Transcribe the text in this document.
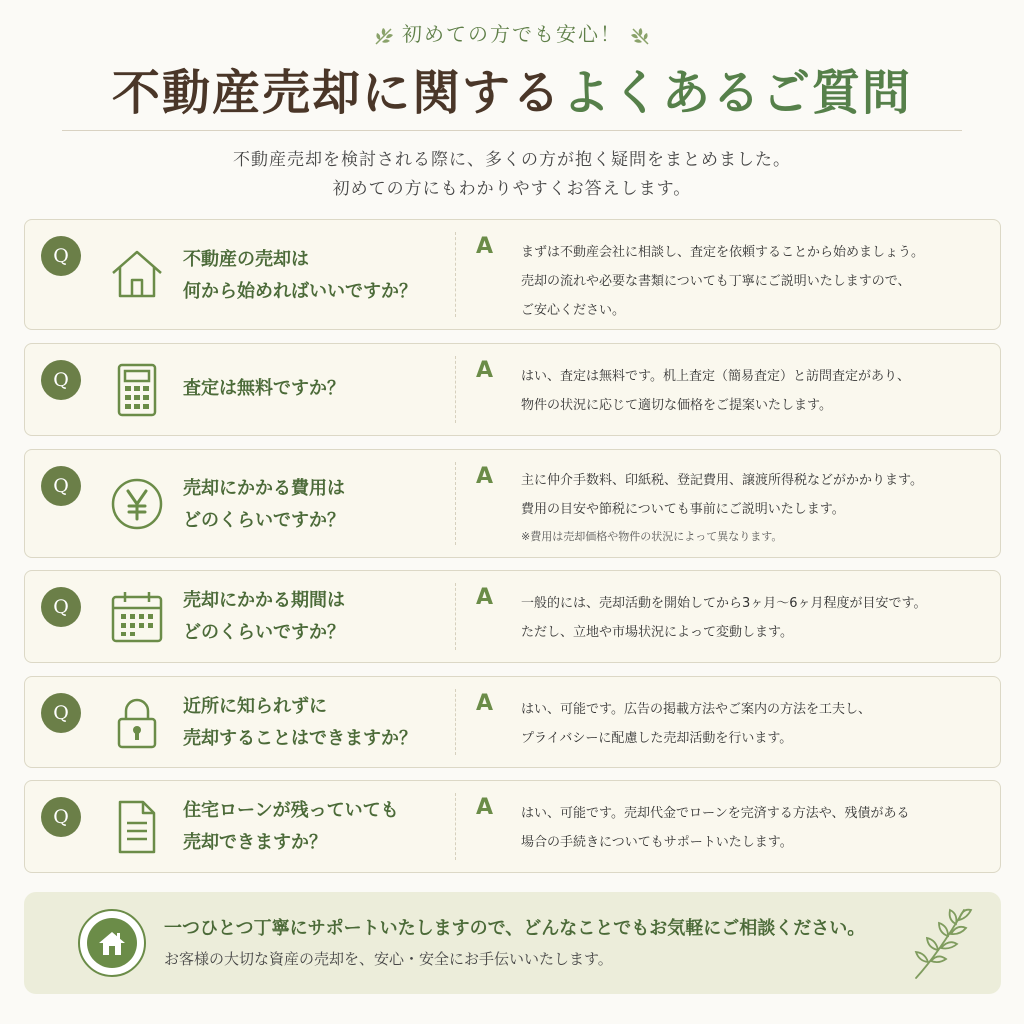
初めての方でも安心！
不動産売却に関するよくあるご質問
不動産売却を検討される際に、多くの方が抱く疑問をまとめました。
初めての方にもわかりやすくお答えします。
Q	不動産の売却は
何から始めればいいですか？
A まずは不動産会社に相談し、査定を依頼することから始めましょう。
売却の流れや必要な書類についても丁寧にご説明いたしますので、
ご安心ください。
Q	査定は無料ですか？
A はい、査定は無料です。机上査定（簡易査定）と訪問査定があり、
物件の状況に応じて適切な価格をご提案いたします。
Q	売却にかかる費用は
どのくらいですか？
A 主に仲介手数料、印紙税、登記費用、譲渡所得税などがかかります。
費用の目安や節税についても事前にご説明いたします。
※費用は売却価格や物件の状況によって異なります。
Q	売却にかかる期間は
どのくらいですか？
A 一般的には、売却活動を開始してから3ヶ月〜6ヶ月程度が目安です。
ただし、立地や市場状況によって変動します。
Q	近所に知られずに
売却することはできますか？
A はい、可能です。広告の掲載方法やご案内の方法を工夫し、
プライバシーに配慮した売却活動を行います。
Q	住宅ローンが残っていても
売却できますか？
A はい、可能です。売却代金でローンを完済する方法や、残債がある
場合の手続きについてもサポートいたします。
一つひとつ丁寧にサポートいたしますので、どんなことでもお気軽にご相談ください。
お客様の大切な資産の売却を、安心・安全にお手伝いいたします。
